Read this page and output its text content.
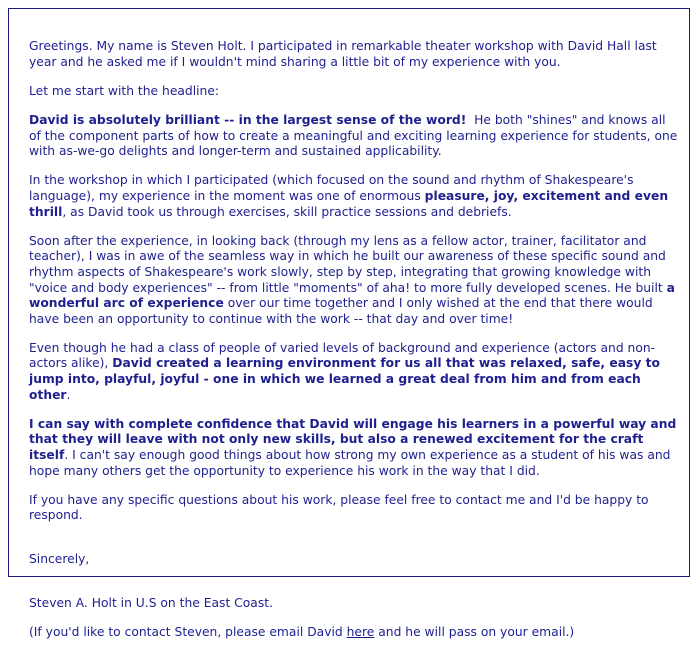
Greetings. My name is Steven Holt. I participated in remarkable theater workshop with David Hall last year and he asked me if I wouldn't mind sharing a little bit of my experience with you.

Let me start with the headline:

David is absolutely brilliant -- in the largest sense of the word!  He both "shines" and knows all of the component parts of how to create a meaningful and exciting learning experience for students, one with as-we-go delights and longer-term and sustained applicability.

In the workshop in which I participated (which focused on the sound and rhythm of Shakespeare's language), my experience in the moment was one of enormous pleasure, joy, excitement and even thrill, as David took us through exercises, skill practice sessions and debriefs.

Soon after the experience, in looking back (through my lens as a fellow actor, trainer, facilitator and teacher), I was in awe of the seamless way in which he built our awareness of these specific sound and rhythm aspects of Shakespeare's work slowly, step by step, integrating that growing knowledge with "voice and body experiences" -- from little "moments" of aha! to more fully developed scenes. He built a wonderful arc of experience over our time together and I only wished at the end that there would have been an opportunity to continue with the work -- that day and over time!

Even though he had a class of people of varied levels of background and experience (actors and non-actors alike), David created a learning environment for us all that was relaxed, safe, easy to jump into, playful, joyful - one in which we learned a great deal from him and from each other.

I can say with complete confidence that David will engage his learners in a powerful way and that they will leave with not only new skills, but also a renewed excitement for the craft itself. I can't say enough good things about how strong my own experience as a student of his was and hope many others get the opportunity to experience his work in the way that I did.

If you have any specific questions about his work, please feel free to contact me and I'd be happy to respond.

Sincerely,

Steven A. Holt in U.S on the East Coast.

(If you'd like to contact Steven, please email David here and he will pass on your email.)
